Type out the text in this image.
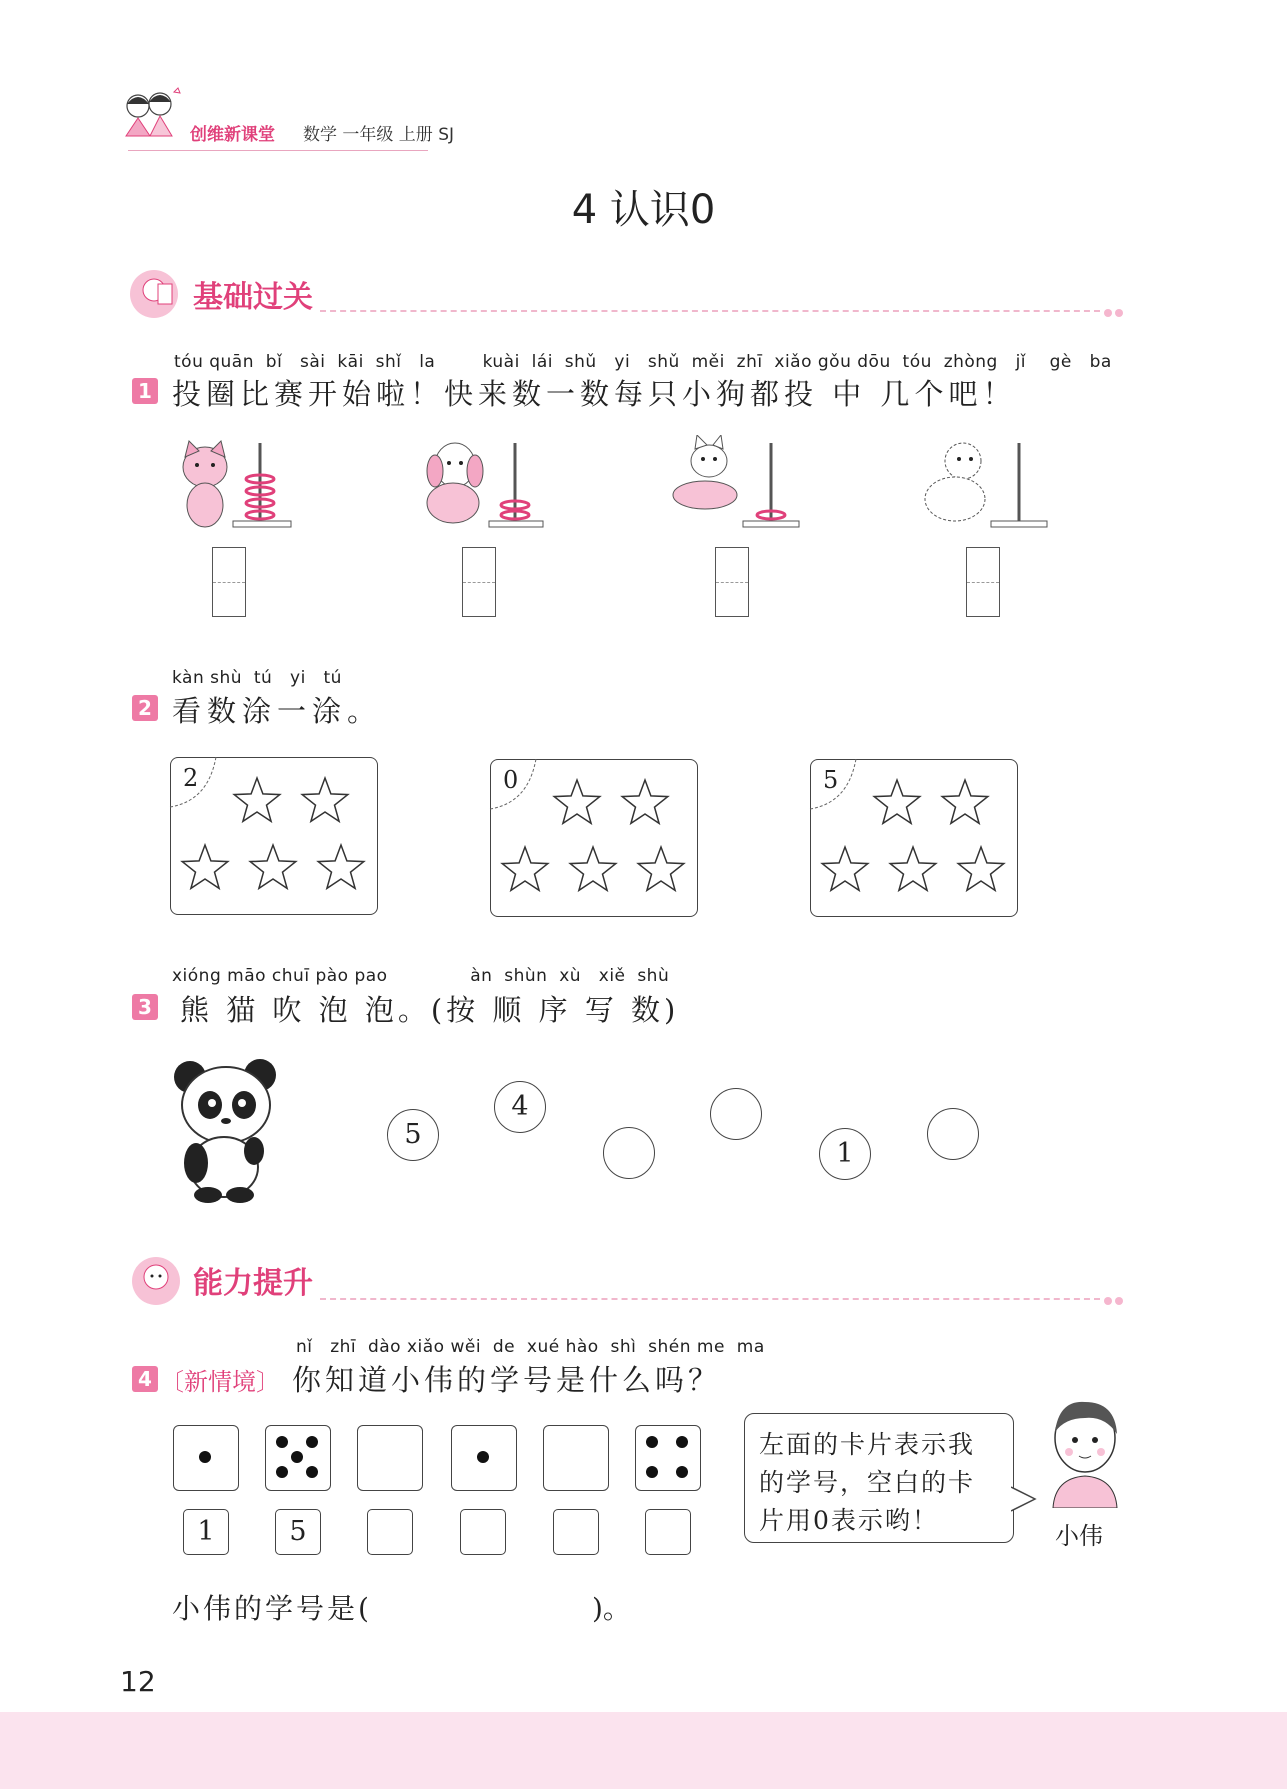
创维新课堂 数学 一年级 上册 SJ
4 认识0
基础过关
tóu quān  bǐ   sài  kāi  shǐ   la        kuài  lái  shǔ   yi   shǔ  měi  zhī  xiǎo gǒu dōu  tóu  zhòng   jǐ    gè   ba
1 投圈比赛开始啦！快来数一数每只小狗都投 中 几个吧！
kàn shù  tú   yi   tú
2 看数涂一涂。
2	0	5
xióng māo chuī pào pao              àn  shùn  xù   xiě  shù
3 熊 猫 吹 泡 泡。(按 顺 序 写 数)
5
4
1
能力提升
nǐ   zhī  dào xiǎo wěi  de  xué hào  shì  shén me  ma
4 〔新情境〕 你知道小伟的学号是什么吗？
1	5
左面的卡片表示我的学号，空白的卡片用0表示哟！
小伟
小伟的学号是(	)。
12
